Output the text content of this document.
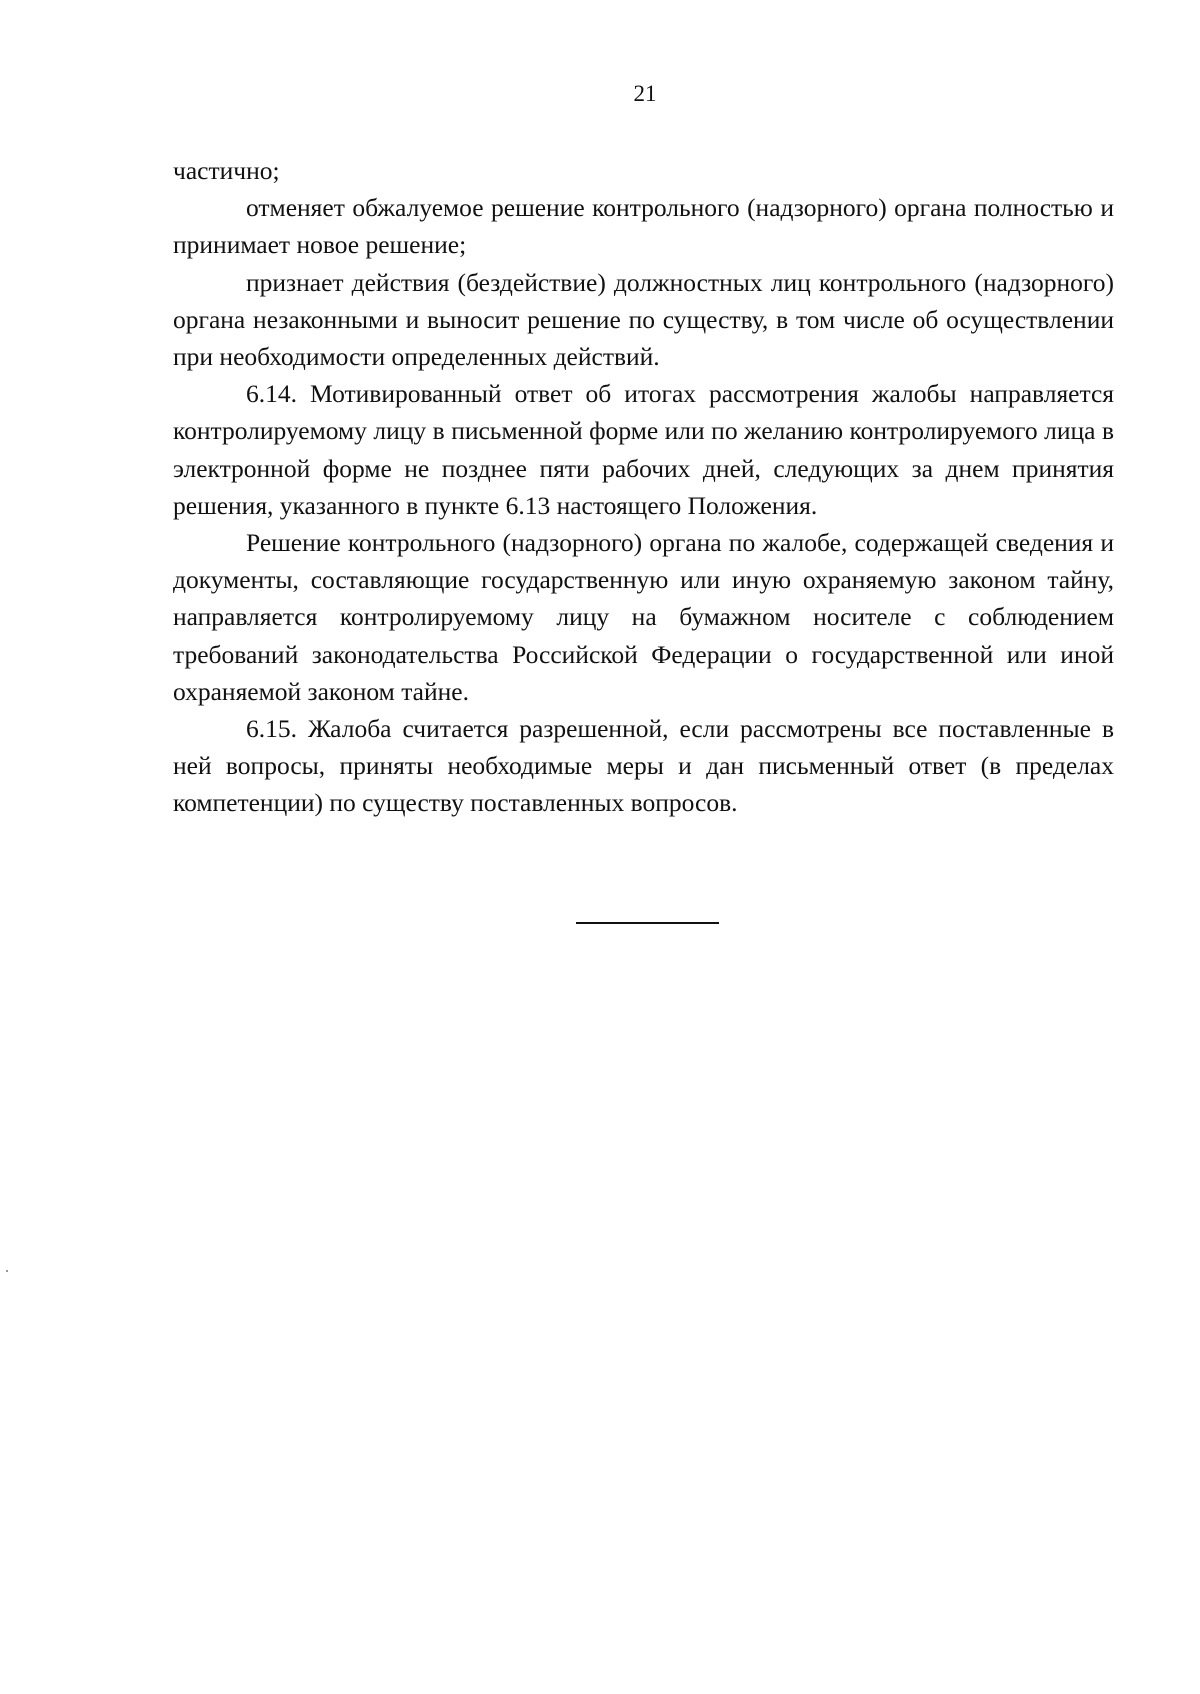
21

частично;

отменяет обжалуемое решение контрольного (надзорного) органа полностью и принимает новое решение;

признает действия (бездействие) должностных лиц контрольного (надзорного) органа незаконными и выносит решение по существу, в том числе об осуществлении при необходимости определенных действий.

6.14. Мотивированный ответ об итогах рассмотрения жалобы направляется контролируемому лицу в письменной форме или по желанию контролируемого лица в электронной форме не позднее пяти рабочих дней, следующих за днем принятия решения, указанного в пункте 6.13 настоящего Положения.

Решение контрольного (надзорного) органа по жалобе, содержащей сведения и документы, составляющие государственную или иную охраняемую законом тайну, направляется контролируемому лицу на бумажном носителе с соблюдением требований законодательства Российской Федерации о государственной или иной охраняемой законом тайне.

6.15. Жалоба считается разрешенной, если рассмотрены все поставленные в ней вопросы, приняты необходимые меры и дан письменный ответ (в пределах компетенции) по существу поставленных вопросов.
